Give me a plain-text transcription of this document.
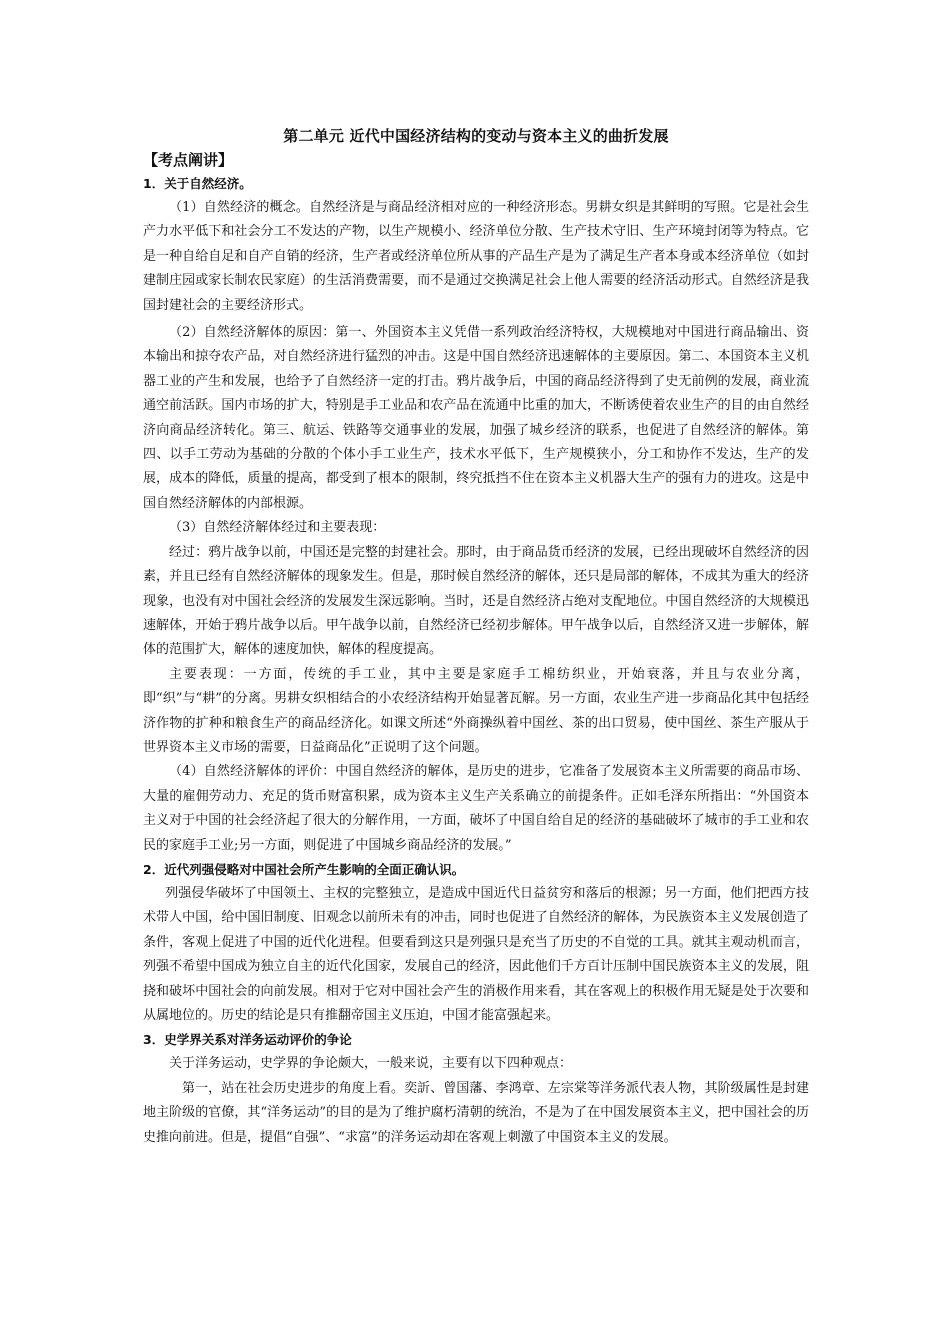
第二单元 近代中国经济结构的变动与资本主义的曲折发展
【考点阐讲】
1．关于自然经济。

（1）自然经济的概念。自然经济是与商品经济相对应的一种经济形态。男耕女织是其鲜明的写照。它是社会生产力水平低下和社会分工不发达的产物，以生产规模小、经济单位分散、生产技术守旧、生产环境封闭等为特点。它是一种自给自足和自产自销的经济，生产者或经济单位所从事的产品生产是为了满足生产者本身或本经济单位（如封建制庄园或家长制农民家庭）的生活消费需要，而不是通过交换满足社会上他人需要的经济活动形式。自然经济是我国封建社会的主要经济形式。

（2）自然经济解体的原因：第一、外国资本主义凭借一系列政治经济特权，大规模地对中国进行商品输出、资本输出和掠夺农产品，对自然经济进行猛烈的冲击。这是中国自然经济迅速解体的主要原因。第二、本国资本主义机器工业的产生和发展，也给予了自然经济一定的打击。鸦片战争后，中国的商品经济得到了史无前例的发展，商业流通空前活跃。国内市场的扩大，特别是手工业品和农产品在流通中比重的加大，不断诱使着农业生产的目的由自然经济向商品经济转化。第三、航运、铁路等交通事业的发展，加强了城乡经济的联系，也促进了自然经济的解体。第四、以手工劳动为基础的分散的个体小手工业生产，技术水平低下，生产规模狭小，分工和协作不发达，生产的发展，成本的降低，质量的提高，都受到了根本的限制，终究抵挡不住在资本主义机器大生产的强有力的进攻。这是中国自然经济解体的内部根源。

（3）自然经济解体经过和主要表现：

经过：鸦片战争以前，中国还是完整的封建社会。那时，由于商品货币经济的发展，已经出现破坏自然经济的因素，并且已经有自然经济解体的现象发生。但是，那时候自然经济的解体，还只是局部的解体，不成其为重大的经济现象，也没有对中国社会经济的发展发生深远影响。当时，还是自然经济占绝对支配地位。中国自然经济的大规模迅速解体，开始于鸦片战争以后。甲午战争以前，自然经济已经初步解体。甲午战争以后，自然经济又进一步解体，解体的范围扩大，解体的速度加快，解体的程度提高。

主要表现：一方面，传统的手工业，其中主要是家庭手工棉纺织业，开始衰落，并且与农业分离， 即“织”与“耕”的分离。男耕女织相结合的小农经济结构开始显著瓦解。另一方面，农业生产进一步商品化其中包括经济作物的扩种和粮食生产的商品经济化。如课文所述“外商操纵着中国丝、茶的出口贸易，使中国丝、茶生产服从于世界资本主义市场的需要，日益商品化”正说明了这个问题。

（4）自然经济解体的评价：中国自然经济的解体，是历史的进步，它准备了发展资本主义所需要的商品市场、大量的雇佣劳动力、充足的货币财富积累，成为资本主义生产关系确立的前提条件。正如毛泽东所指出：“外国资本主义对于中国的社会经济起了很大的分解作用，一方面，破坏了中国自给自足的经济的基础破坏了城市的手工业和农民的家庭手工业;另一方面，则促进了中国城乡商品经济的发展。”

2．近代列强侵略对中国社会所产生影响的全面正确认识。

列强侵华破坏了中国领土、主权的完整独立，是造成中国近代日益贫穷和落后的根源；另一方面，他们把西方技术带人中国，给中国旧制度、旧观念以前所未有的冲击，同时也促进了自然经济的解体，为民族资本主义发展创造了条件，客观上促进了中国的近代化进程。但要看到这只是列强只是充当了历史的不自觉的工具。就其主观动机而言，列强不希望中国成为独立自主的近代化国家，发展自己的经济，因此他们千方百计压制中国民族资本主义的发展，阻挠和破坏中国社会的向前发展。相对于它对中国社会产生的消极作用来看，其在客观上的积极作用无疑是处于次要和从属地位的。历史的结论是只有推翻帝国主义压迫，中国才能富强起来。

3．史学界关系对洋务运动评价的争论

关于洋务运动，史学界的争论颇大，一般来说，主要有以下四种观点：

第一，站在社会历史进步的角度上看。奕訢、曾国藩、李鸿章、左宗棠等洋务派代表人物，其阶级属性是封建地主阶级的官僚，其“洋务运动”的目的是为了维护腐朽清朝的统治，不是为了在中国发展资本主义，把中国社会的历史推向前进。但是，提倡“自强”、“求富”的洋务运动却在客观上刺激了中国资本主义的发展。
